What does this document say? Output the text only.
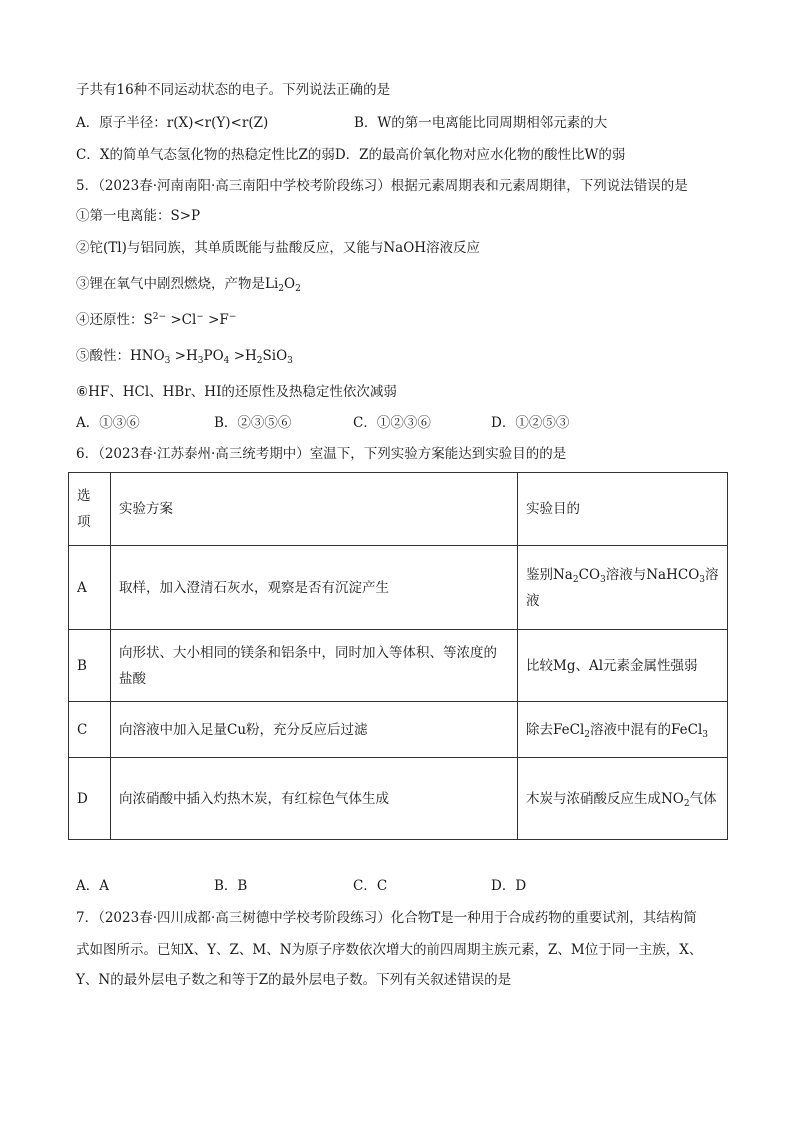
子共有16种不同运动状态的电子。下列说法正确的是
A．原子半径：r(X)<r(Y)<r(Z)	B．W的第一电离能比同周期相邻元素的大
C．X的简单气态氢化物的热稳定性比Z的弱D．Z的最高价氧化物对应水化物的酸性比W的弱
5．（2023春·河南南阳·高三南阳中学校考阶段练习）根据元素周期表和元素周期律，下列说法错误的是
①第一电离能：S>P
②铊(Tl)与铝同族，其单质既能与盐酸反应，又能与NaOH溶液反应
③锂在氧气中剧烈燃烧，产物是$Li_2O_2$
④还原性：$S^{2-} >Cl^- >F^-$
⑤酸性：$HNO_3 >H_3PO_4 >H_2SiO_3$
⑥HF、HCl、HBr、HI的还原性及热稳定性依次减弱
A．①③⑥	B．②③⑤⑥	C．①②③⑥	D．①②⑤③
6．（2023春·江苏泰州·高三统考期中）室温下，下列实验方案能达到实验目的的是
选项	实验方案	实验目的
A	取样，加入澄清石灰水，观察是否有沉淀产生	鉴别$Na_2CO_3$溶液与NaHCO$_3$溶液
B	向形状、大小相同的镁条和铝条中，同时加入等体积、等浓度的盐酸	比较Mg、Al元素金属性强弱
C	向溶液中加入足量Cu粉，充分反应后过滤	除去FeCl$_2$溶液中混有的FeCl$_3$
D	向浓硝酸中插入灼热木炭，有红棕色气体生成	木炭与浓硝酸反应生成$NO_2$气体
A．A	B．B	C．C	D．D
7．（2023春·四川成都·高三树德中学校考阶段练习）化合物T是一种用于合成药物的重要试剂，其结构简
式如图所示。已知X、Y、Z、M、N为原子序数依次增大的前四周期主族元素，Z、M位于同一主族，X、
Y、N的最外层电子数之和等于Z的最外层电子数。下列有关叙述错误的是
